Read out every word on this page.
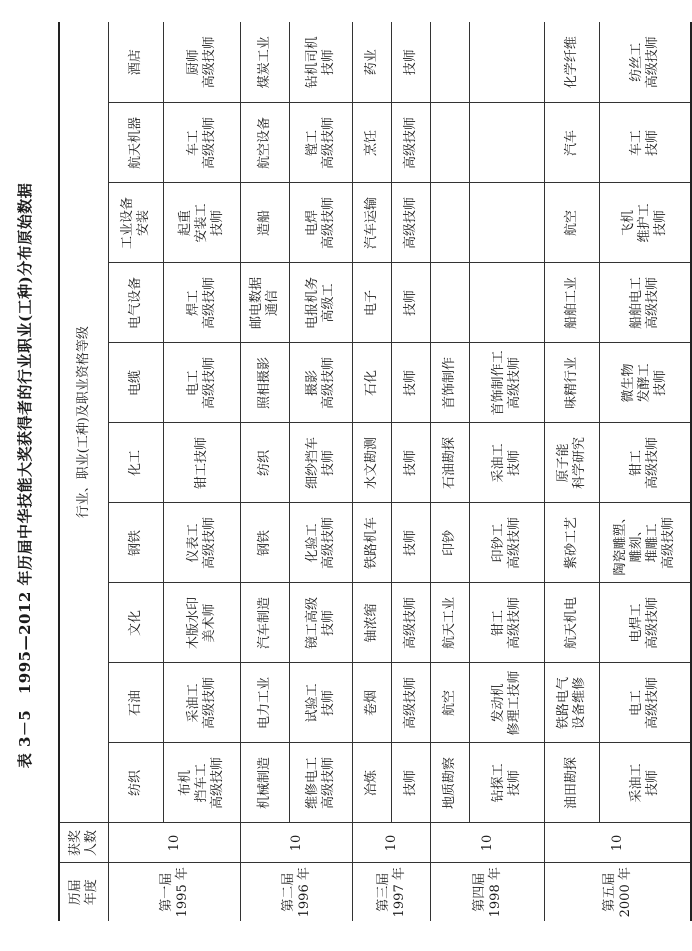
表 3－5　1995—2012 年历届中华技能大奖获得者的行业职业(工种)分布原始数据
历届 年度	获奖 人数	行业、职业(工种)及职业资格等级									

第一届 1995 年	10	纺织	石油	文化	钢铁	化工	电缆	电气设备	工业设备 安装	航天机器	酒店

		布机 挡车工 高级技师	采油工 高级技师	木版水印 美术师	仪表工 高级技师	钳工技师	电工 高级技师	焊工 高级技师	起重 安装工 技师	车工 高级技师	厨师 高级技师

第二届 1996 年	10	机械制造	电力工业	汽车制造	钢铁	纺织	照相摄影	邮电数据 通信	造船	航空设备	煤炭工业

		维修电工 高级技师	试验工 技师	镜工高级 技师	化验工 高级技师	细纱挡车 技师	摄影 高级技师	电报机务 高级工	电焊 高级技师	镗工 高级技师	钻机司机 技师

第三届 1997 年	10	冶炼	卷烟	铀浓缩	铁路机车	水文勘测	石化	电子	汽车运输	烹饪	药业

		技师	高级技师	高级技师	技师	技师	技师	技师	高级技师	高级技师	技师

第四届 1998 年	10	地质勘察	航空	航天工业	印钞	石油勘探	首饰制作				

		钻探工 技师	发动机 修理工技师	钳工 高级技师	印钞工 高级技师	采油工 技师	首饰制作工 高级技师				

第五届 2000 年	10	油田勘探	铁路电气 设备维修	航天机电	紫砂工艺	原子能 科学研究	味精行业	船舶工业	航空	汽车	化学纤维

		采油工 技师	电工 高级技师	电焊工 高级技师	陶瓷雕塑、 雕刻、 堆雕工 高级技师	钳工 高级技师	微生物 发酵工 技师	船舶电工 高级技师	飞机 维护工 技师	车工 技师	纺丝工 高级技师
